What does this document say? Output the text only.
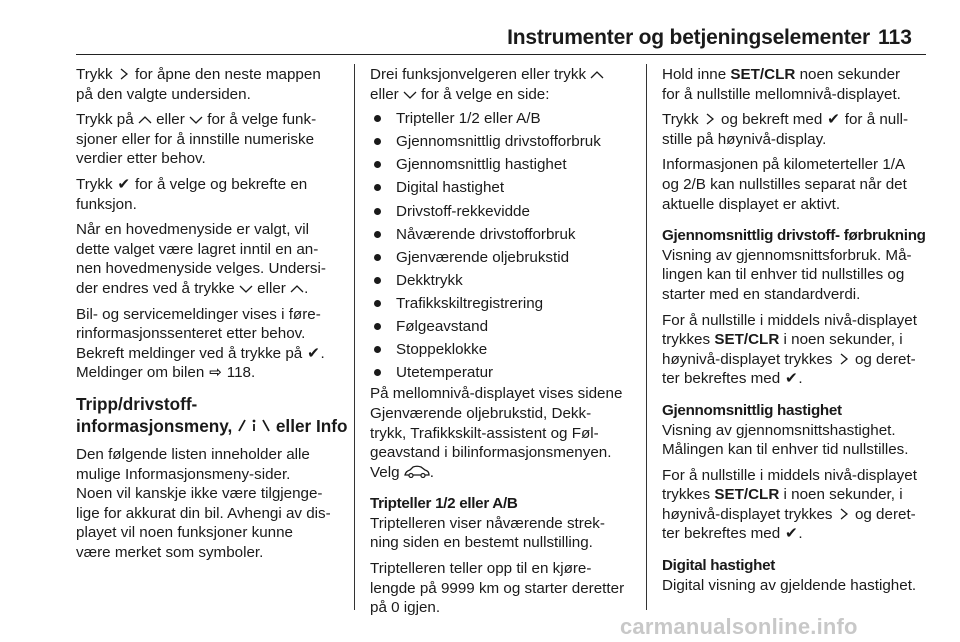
Instrumenter og betjeningselementer 113
Trykk  for åpne den neste mappen
på den valgte undersiden.
Trykk på  eller  for å velge funk-
sjoner eller for å innstille numeriske
verdier etter behov.
Trykk ✔ for å velge og bekrefte en
funksjon.
Når en hovedmenyside er valgt, vil
dette valget være lagret inntil en an-
nen hovedmenyside velges. Undersi-
der endres ved å trykke  eller .
Bil- og servicemeldinger vises i føre-
rinformasjonssenteret etter behov.
Bekreft meldinger ved å trykke på ✔.
Meldinger om bilen ⇨ 118.
Tripp/drivstoff-
informasjonsmeny,  eller Info
Den følgende listen inneholder alle
mulige Informasjonsmeny-sider.
Noen vil kanskje ikke være tilgjenge-
lige for akkurat din bil. Avhengi av dis-
playet vil noen funksjoner kunne
være merket som symboler.
Drei funksjonvelgeren eller trykk
eller  for å velge en side:
Tripteller 1/2 eller A/B
Gjennomsnittlig drivstofforbruk
Gjennomsnittlig hastighet
Digital hastighet
Drivstoff-rekkevidde
Nåværende drivstofforbruk
Gjenværende oljebrukstid
Dekktrykk
Trafikkskiltregistrering
Følgeavstand
Stoppeklokke
Utetemperatur
På mellomnivå-displayet vises sidene
Gjenværende oljebrukstid, Dekk-
trykk, Trafikkskilt-assistent og Føl-
geavstand i bilinformasjonsmenyen.
Velg .
Tripteller 1/2 eller A/B
Triptelleren viser nåværende strek-
ning siden en bestemt nullstilling.
Triptelleren teller opp til en kjøre-
lengde på 9999 km og starter deretter
på 0 igjen.
Hold inne SET/CLR noen sekunder
for å nullstille mellomnivå-displayet.
Trykk  og bekreft med ✔ for å null-
stille på høynivå-display.
Informasjonen på kilometerteller 1/A
og 2/B kan nullstilles separat når det
aktuelle displayet er aktivt.
Gjennomsnittlig drivstoff- førbrukning
Visning av gjennomsnittsforbruk. Må-
lingen kan til enhver tid nullstilles og
starter med en standardverdi.
For å nullstille i middels nivå-displayet
trykkes SET/CLR i noen sekunder, i
høynivå-displayet trykkes  og deret-
ter bekreftes med ✔.
Gjennomsnittlig hastighet
Visning av gjennomsnittshastighet.
Målingen kan til enhver tid nullstilles.
For å nullstille i middels nivå-displayet
trykkes SET/CLR i noen sekunder, i
høynivå-displayet trykkes  og deret-
ter bekreftes med ✔.
Digital hastighet
Digital visning av gjeldende hastighet.
carmanualsonline.info
